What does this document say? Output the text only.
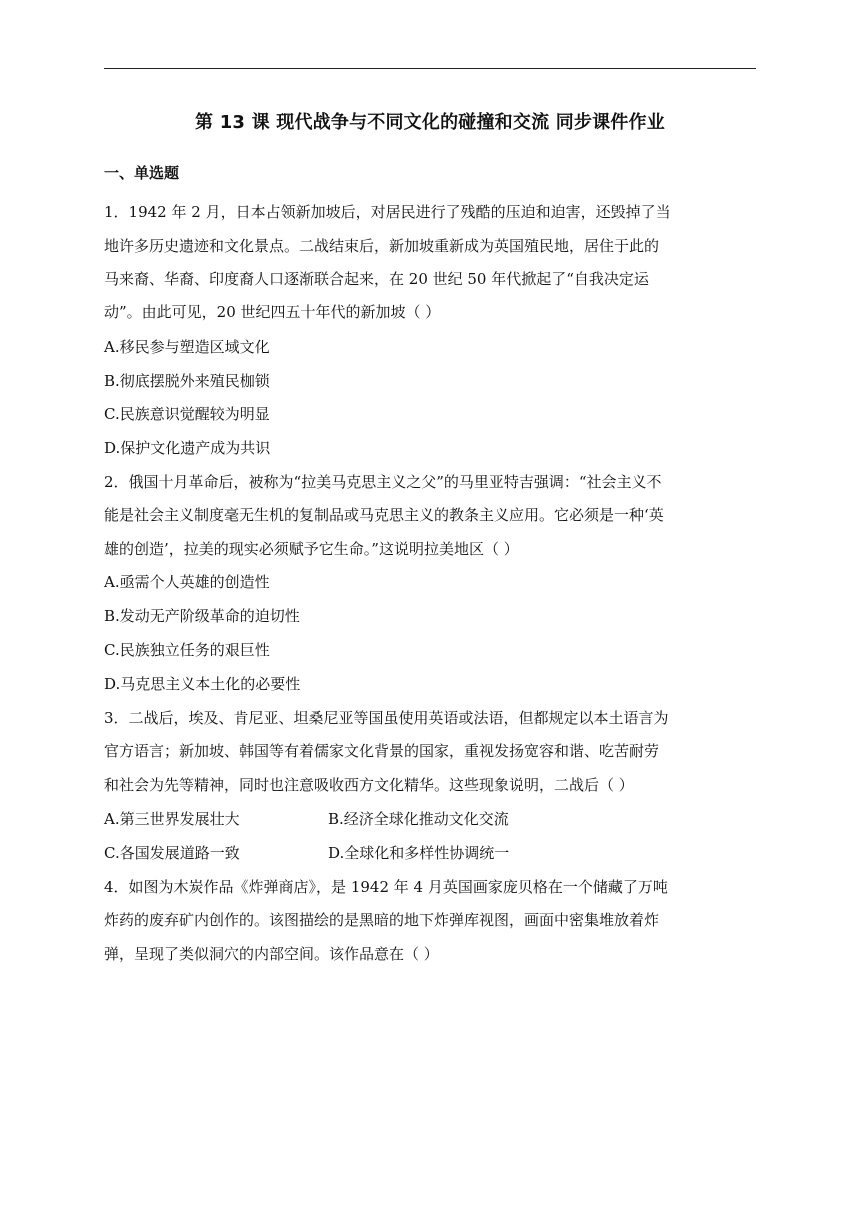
第 13 课 现代战争与不同文化的碰撞和交流 同步课件作业
一、单选题
1．1942 年 2 月，日本占领新加坡后，对居民进行了残酷的压迫和迫害，还毁掉了当
地许多历史遗迹和文化景点。二战结束后，新加坡重新成为英国殖民地，居住于此的
马来裔、华裔、印度裔人口逐渐联合起来，在 20 世纪 50 年代掀起了“自我决定运
动”。由此可见，20 世纪四五十年代的新加坡（ ）
A.移民参与塑造区域文化
B.彻底摆脱外来殖民枷锁
C.民族意识觉醒较为明显
D.保护文化遗产成为共识
2．俄国十月革命后，被称为“拉美马克思主义之父”的马里亚特吉强调：“社会主义不
能是社会主义制度毫无生机的复制品或马克思主义的教条主义应用。它必须是一种‘英
雄的创造’，拉美的现实必须赋予它生命。”这说明拉美地区（ ）
A.亟需个人英雄的创造性
B.发动无产阶级革命的迫切性
C.民族独立任务的艰巨性
D.马克思主义本土化的必要性
3．二战后，埃及、肯尼亚、坦桑尼亚等国虽使用英语或法语，但都规定以本土语言为
官方语言；新加坡、韩国等有着儒家文化背景的国家，重视发扬宽容和谐、吃苦耐劳
和社会为先等精神，同时也注意吸收西方文化精华。这些现象说明，二战后（ ）
A.第三世界发展壮大	B.经济全球化推动文化交流
C.各国发展道路一致	D.全球化和多样性协调统一
4．如图为木炭作品《炸弹商店》，是 1942 年 4 月英国画家庞贝格在一个储藏了万吨
炸药的废弃矿内创作的。该图描绘的是黑暗的地下炸弹库视图，画面中密集堆放着炸
弹，呈现了类似洞穴的内部空间。该作品意在（ ）
